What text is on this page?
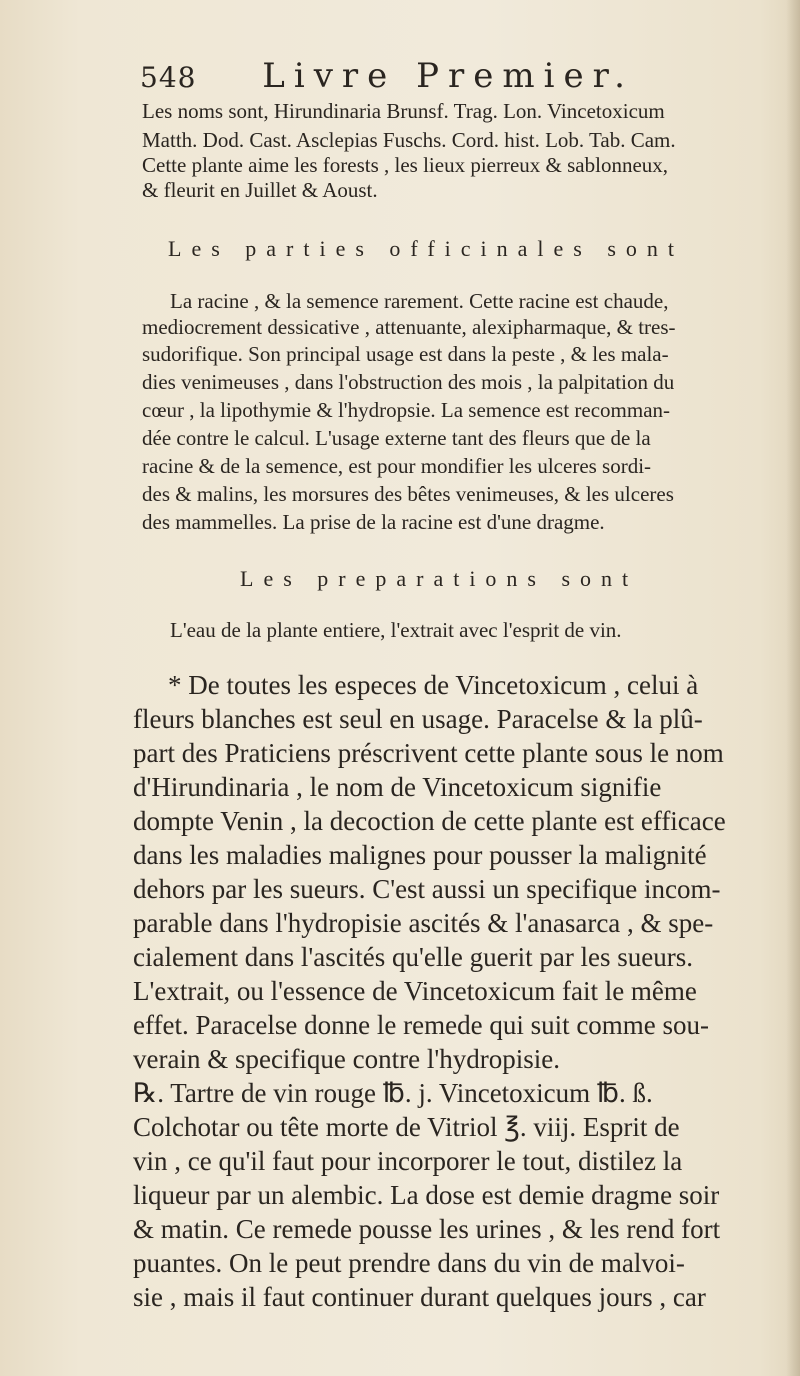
548 Livre Premier.
Les noms sont, Hirundinaria Brunsf. Trag. Lon. Vincetoxicum
Matth. Dod. Cast. Asclepias Fuschs. Cord. hist. Lob. Tab. Cam.
Cette plante aime les forests , les lieux pierreux & sablonneux,
& fleurit en Juillet & Aoust.
Les parties officinales sont
La racine , & la semence rarement. Cette racine est chaude,
mediocrement dessicative , attenuante, alexipharmaque, & tres-
sudorifique. Son principal usage est dans la peste , & les mala-
dies venimeuses , dans l'obstruction des mois , la palpitation du
cœur , la lipothymie & l'hydropsie. La semence est recomman-
dée contre le calcul. L'usage externe tant des fleurs que de la
racine & de la semence, est pour mondifier les ulceres sordi-
des & malins, les morsures des bêtes venimeuses, & les ulceres
des mammelles. La prise de la racine est d'une dragme.
Les preparations sont
L'eau de la plante entiere, l'extrait avec l'esprit de vin.
* De toutes les especes de Vincetoxicum , celui à
fleurs blanches est seul en usage. Paracelse & la plû-
part des Praticiens préscrivent cette plante sous le nom
d'Hirundinaria , le nom de Vincetoxicum signifie
dompte Venin , la decoction de cette plante est efficace
dans les maladies malignes pour pousser la malignité
dehors par les sueurs. C'est aussi un specifique incom-
parable dans l'hydropisie ascités & l'anasarca , & spe-
cialement dans l'ascités qu'elle guerit par les sueurs.
L'extrait, ou l'essence de Vincetoxicum fait le même
effet. Paracelse donne le remede qui suit comme sou-
verain & specifique contre l'hydropisie.
℞. Tartre de vin rouge ℔. j. Vincetoxicum ℔. ß.
Colchotar ou tête morte de Vitriol ℥. viij. Esprit de
vin , ce qu'il faut pour incorporer le tout, distilez la
liqueur par un alembic. La dose est demie dragme soir
& matin. Ce remede pousse les urines , & les rend fort
puantes. On le peut prendre dans du vin de malvoi-
sie , mais il faut continuer durant quelques jours , car
